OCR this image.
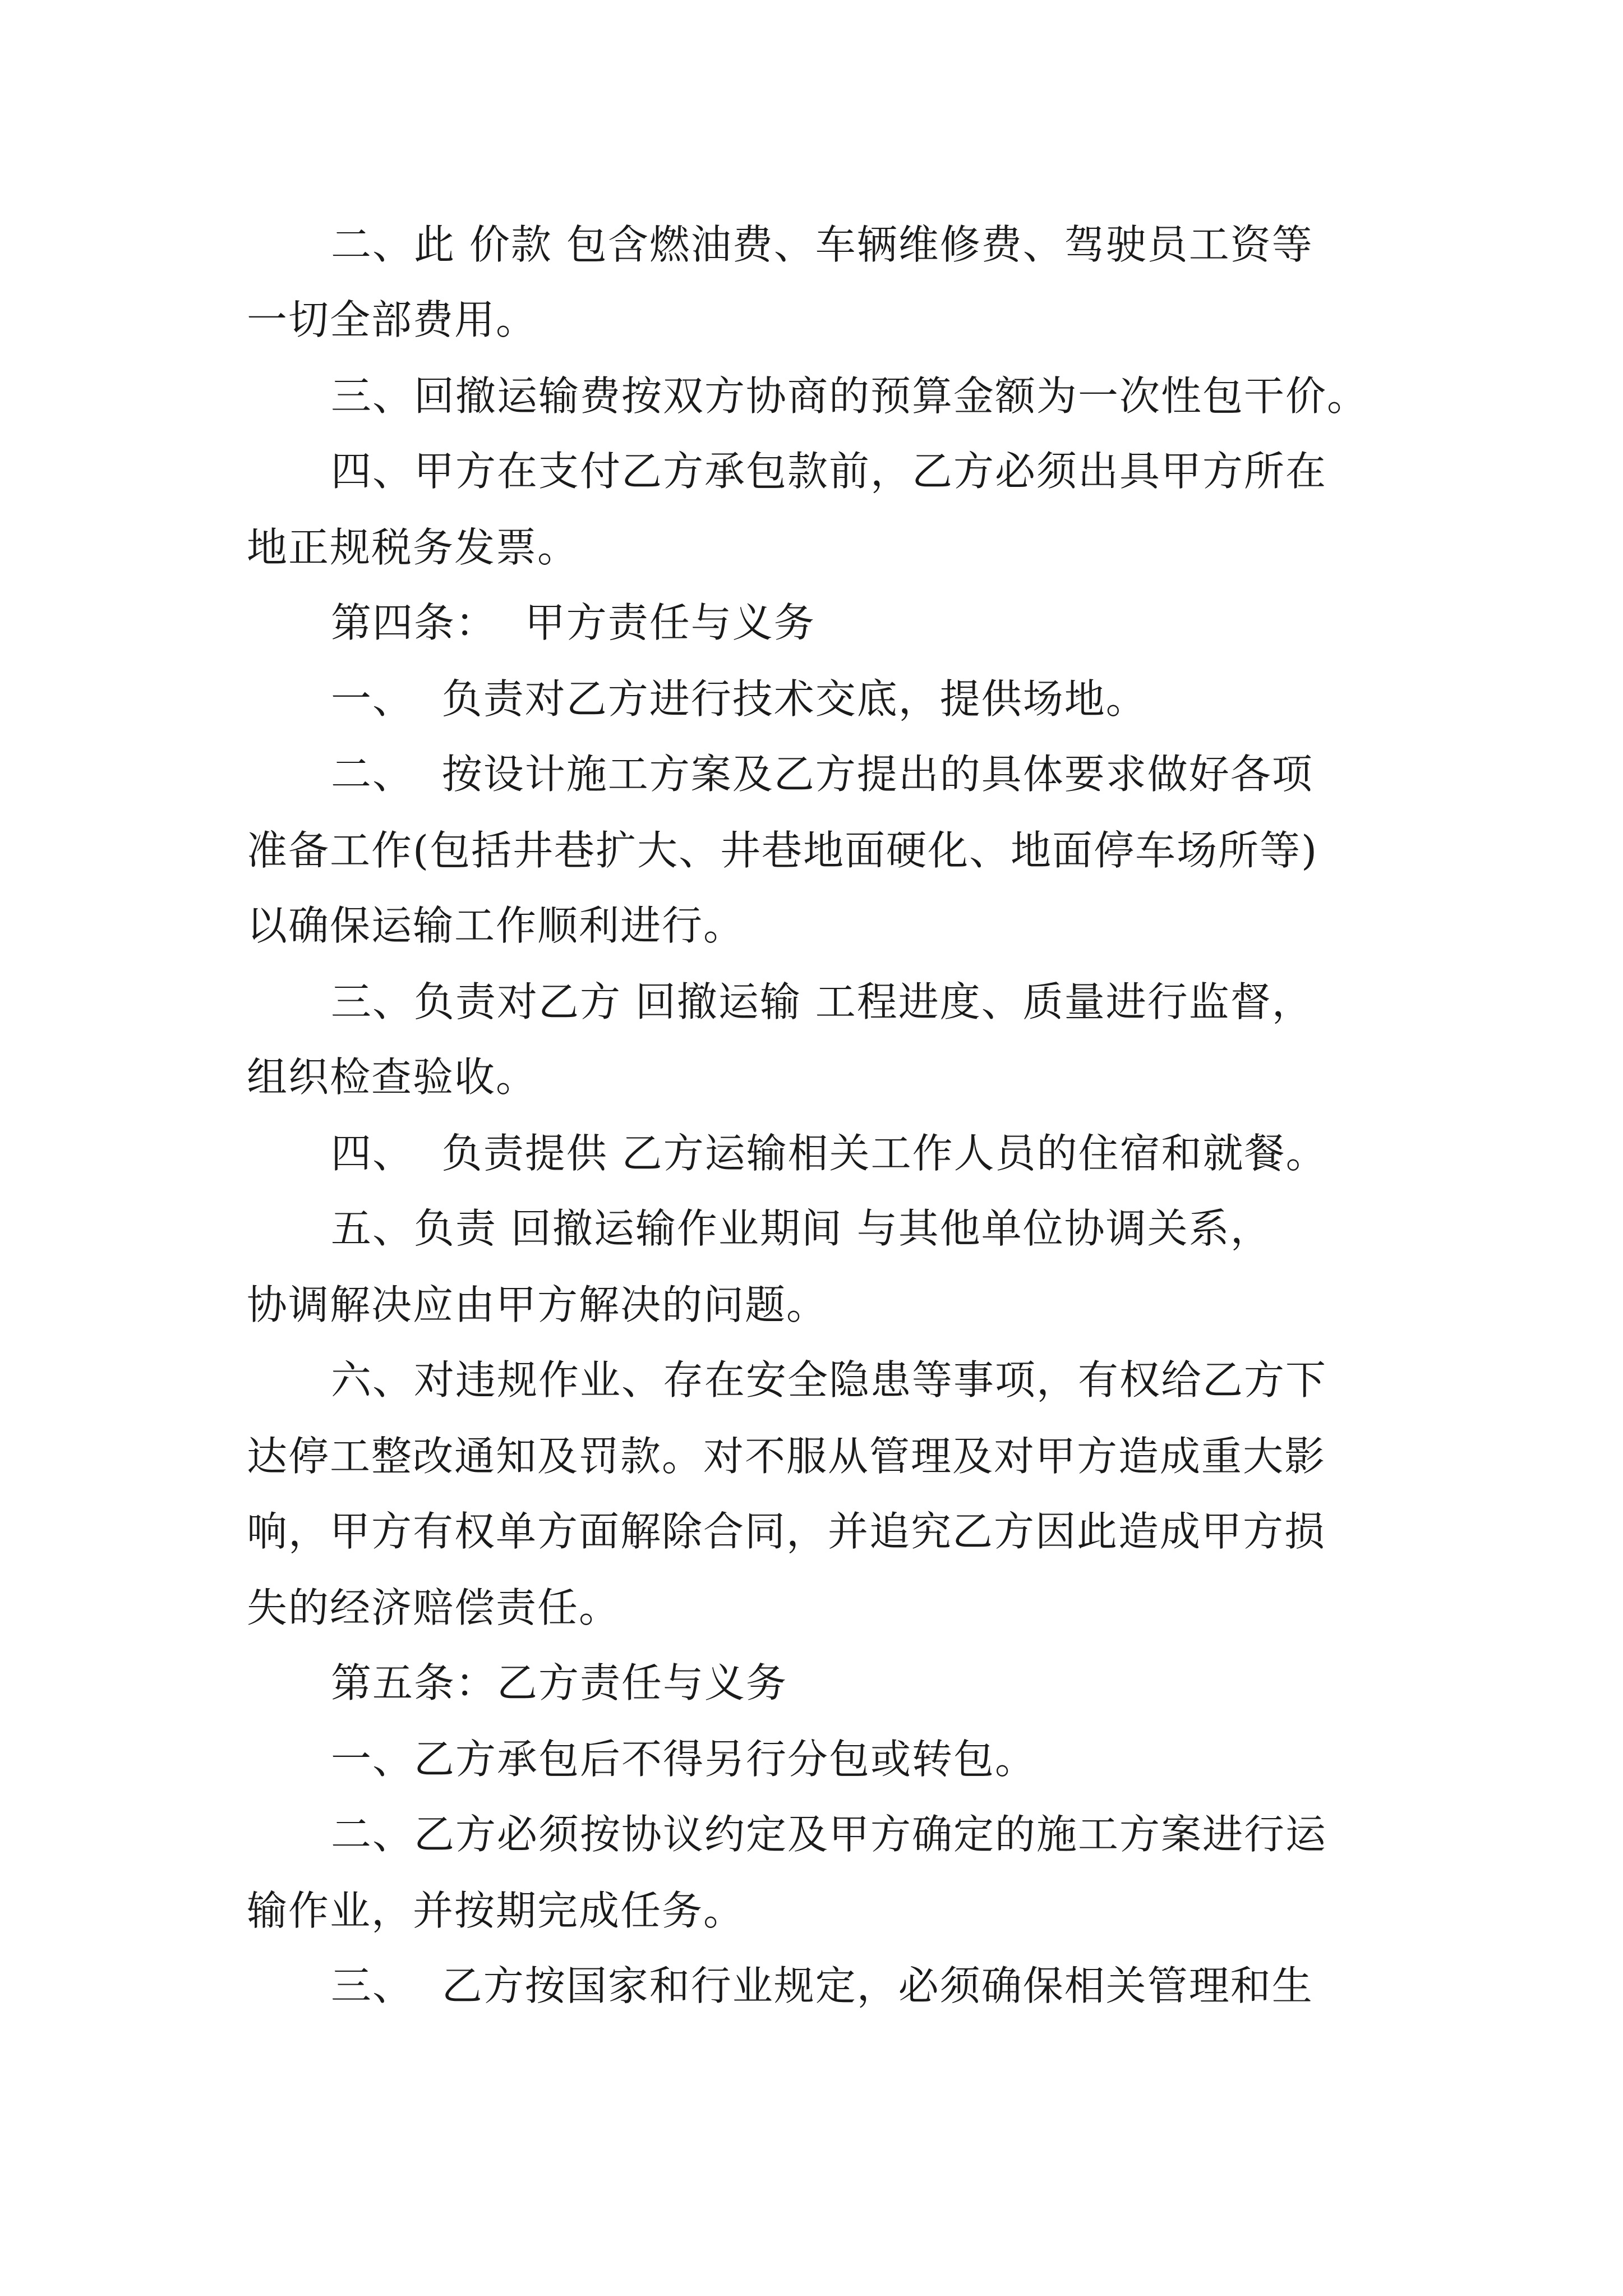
二、此 价款 包含燃油费、车辆维修费、驾驶员工资等
一切全部费用。
三、回撤运输费按双方协商的预算金额为一次性包干价。
四、甲方在支付乙方承包款前，乙方必须出具甲方所在
地正规税务发票。
第四条：  甲方责任与义务
一、  负责对乙方进行技术交底，提供场地。
二、  按设计施工方案及乙方提出的具体要求做好各项
准备工作(包括井巷扩大、井巷地面硬化、地面停车场所等)
以确保运输工作顺利进行。
三、负责对乙方 回撤运输 工程进度、质量进行监督，
组织检查验收。
四、  负责提供 乙方运输相关工作人员的住宿和就餐。
五、负责 回撤运输作业期间 与其他单位协调关系，
协调解决应由甲方解决的问题。
六、对违规作业、存在安全隐患等事项，有权给乙方下
达停工整改通知及罚款。对不服从管理及对甲方造成重大影
响，甲方有权单方面解除合同，并追究乙方因此造成甲方损
失的经济赔偿责任。
第五条：乙方责任与义务
一、乙方承包后不得另行分包或转包。
二、乙方必须按协议约定及甲方确定的施工方案进行运
输作业，并按期完成任务。
三、  乙方按国家和行业规定，必须确保相关管理和生
